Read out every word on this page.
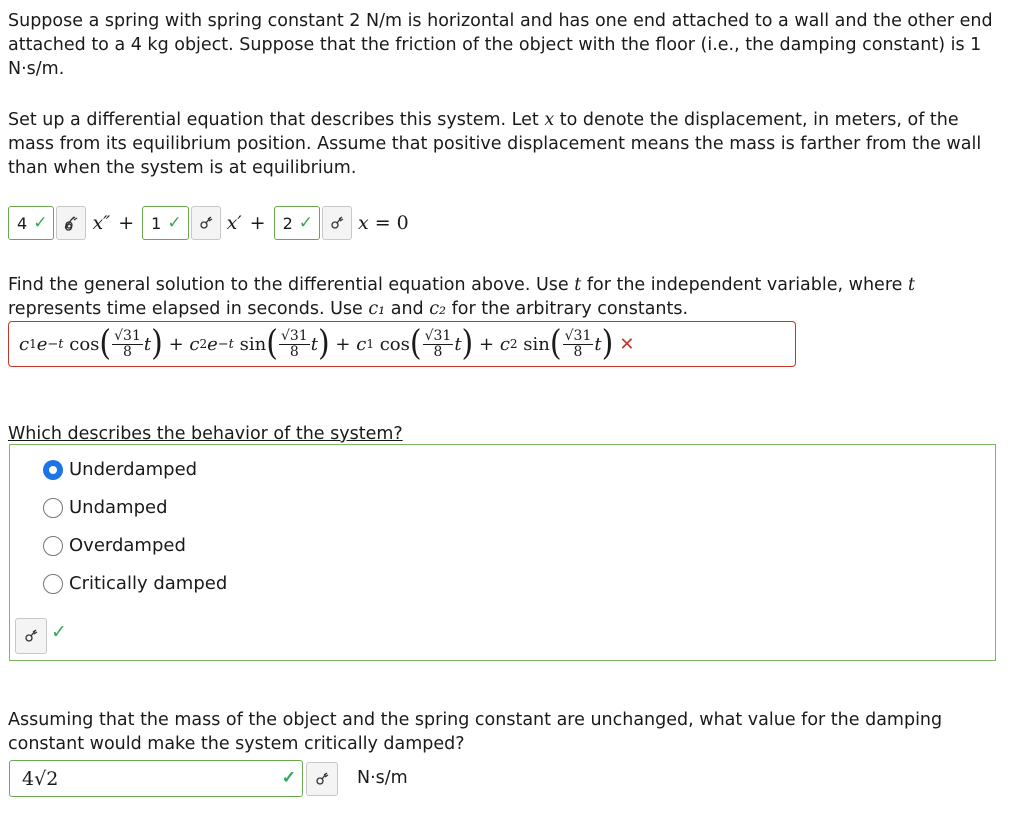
Suppose a spring with spring constant 2 N/m is horizontal and has one end attached to a wall and the other end attached to a 4 kg object. Suppose that the friction of the object with the floor (i.e., the damping constant) is 1 N·s/m.

Set up a differential equation that describes this system. Let x to denote the displacement, in meters, of the mass from its equilibrium position. Assume that positive displacement means the mass is farther from the wall than when the system is at equilibrium.

4 ✓ x″ + 1 ✓ x′ + 2 ✓ x = 0

Find the general solution to the differential equation above. Use t for the independent variable, where t represents time elapsed in seconds. Use c₁ and c₂ for the arbitrary constants.

c 1 e −t
cos ( $\frac{√31}{8}$ t )
+
c 2 e −t
sin ( $\frac{√31}{8}$ t )
+
c 1
cos ( $\frac{√31}{8}$ t )
+
c 2
sin ( $\frac{√31}{8}$ t ) ✕
Which describes the behavior of the system?
Underdamped
Undamped
Overdamped
Critically damped
✓

Assuming that the mass of the object and the spring constant are unchanged, what value for the damping constant would make the system critically damped?

4√2	✓	N·s/m
